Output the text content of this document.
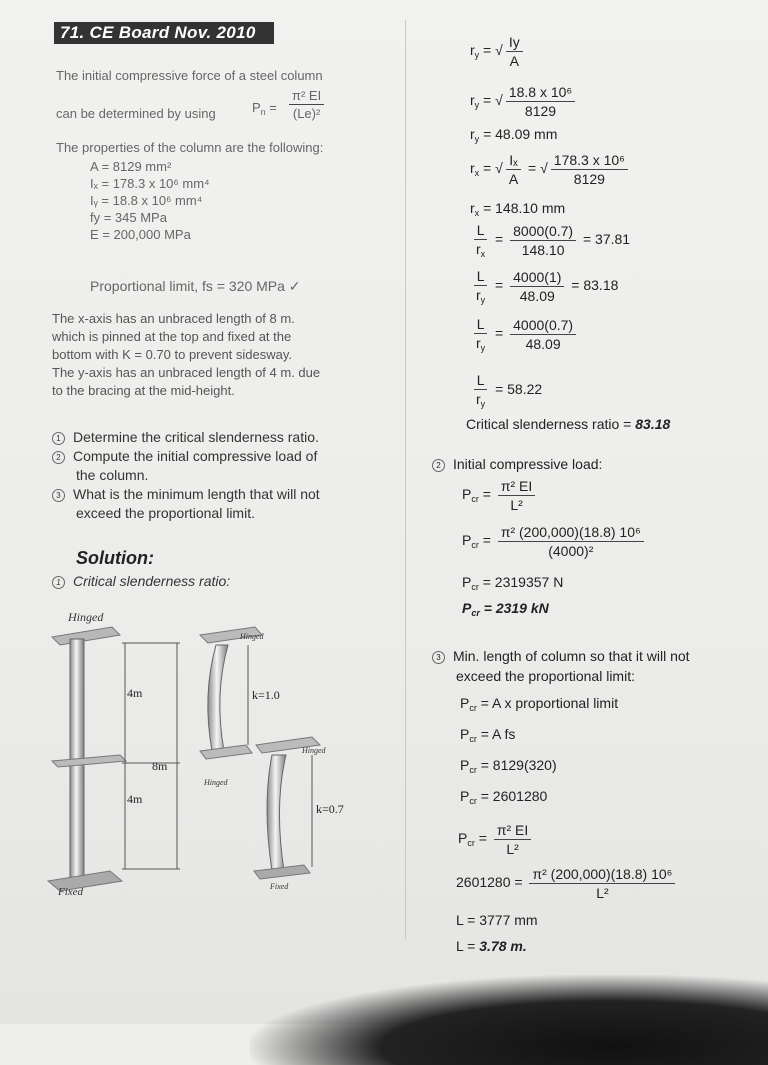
71. CE Board Nov. 2010
The initial compressive force of a steel column
can be determined by using	$P_n = \frac{\text{π² EI}}{\text{(Le)²}}$
The properties of the column are the following:
A = 8129 mm²
Iₓ = 178.3 x 10⁶ mm⁴
Iᵧ = 18.8 x 10⁶ mm⁴
fy = 345 MPa
E = 200,000 MPa
Proportional limit, fs = 320 MPa ✓
The x-axis has an unbraced length of 8 m.
which is pinned at the top and fixed at the
bottom with K = 0.70 to prevent sidesway.
The y-axis has an unbraced length of 4 m. due
to the bracing at the mid-height.
1 Determine the critical slenderness ratio.
2 Compute the initial compressive load of
the column.
3 What is the minimum length that will not
exceed the proportional limit.
Solution:
1 Critical slenderness ratio:
Hinged
Fixed
4m
4m
8m
Hinged
Hinged
k=1.0
Hinged
Fixed
k=0.7
$r_y$ = √ $\frac{Iy}{A}$
$r_y$ = √ $\frac{\text{18.8 x 10⁶}}{8129}$
$r_y = 48.09$ mm
$r_x$ = √ $\frac{\text{Iₓ}}{A}$ = √ $\frac{\text{178.3 x 10⁶}}{8129}$
$r_x = 148.10$ mm
$\frac{L}{r_x} = \frac{8000(0.7)}{148.10} = 37.81$
$\frac{L}{r_y} = \frac{4000(1)}{48.09} = 83.18$
$\frac{L}{r_y} = \frac{4000(0.7)}{48.09}$
$\frac{L}{r_y} = 58.22$
Critical slenderness ratio = 83.18
2 Initial compressive load:
$P_{cr} = \frac{\text{π² EI}}{\text{L²}}$
$P_{cr} = \frac{\text{π² (200,000)(18.8) 10⁶}}{\text{(4000)²}}$
$P_{cr} = 2319357$ N
$P_{cr} = 2319$ kN
3 Min. length of column so that it will not
exceed the proportional limit:
$P_{cr} = A$ x proportional limit
$P_{cr} = A$ fs
$P_{cr} = 8129(320)$
$P_{cr} = 2601280$
$P_{cr} = \frac{\text{π² EI}}{\text{L²}}$
$2601280 = \frac{\text{π² (200,000)(18.8) 10⁶}}{\text{L²}}$
L = 3777 mm
L = 3.78 m.
